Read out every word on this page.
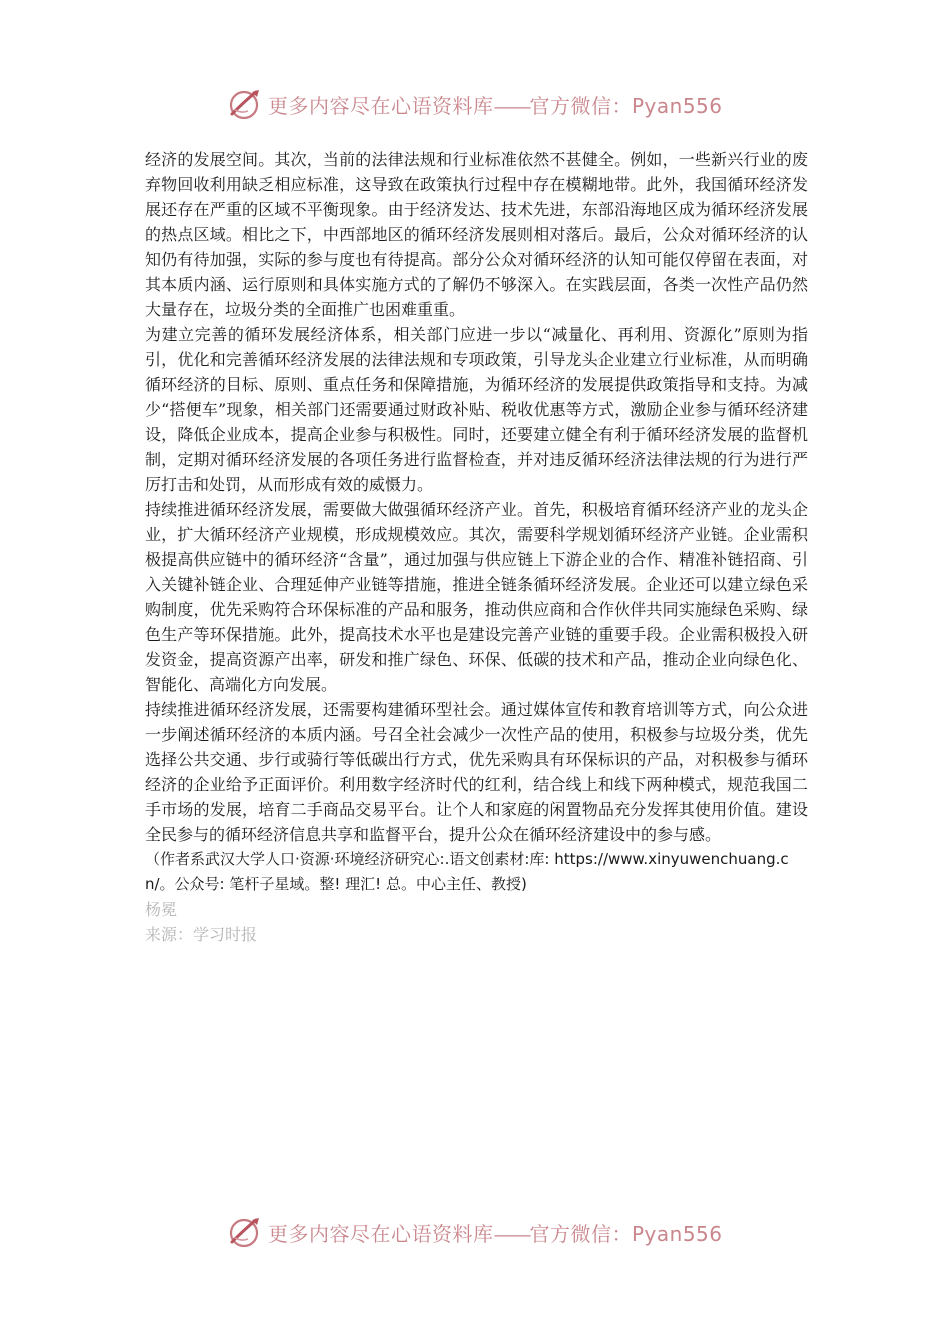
更多内容尽在心语资料库——官方微信：Pyan556

经济的发展空间。其次，当前的法律法规和行业标准依然不甚健全。例如，一些新兴行业的废弃物回收利用缺乏相应标准，这导致在政策执行过程中存在模糊地带。此外，我国循环经济发展还存在严重的区域不平衡现象。由于经济发达、技术先进，东部沿海地区成为循环经济发展的热点区域。相比之下，中西部地区的循环经济发展则相对落后。最后，公众对循环经济的认知仍有待加强，实际的参与度也有待提高。部分公众对循环经济的认知可能仅停留在表面，对其本质内涵、运行原则和具体实施方式的了解仍不够深入。在实践层面，各类一次性产品仍然大量存在，垃圾分类的全面推广也困难重重。

为建立完善的循环发展经济体系，相关部门应进一步以“减量化、再利用、资源化”原则为指引，优化和完善循环经济发展的法律法规和专项政策，引导龙头企业建立行业标准，从而明确循环经济的目标、原则、重点任务和保障措施，为循环经济的发展提供政策指导和支持。为减少“搭便车”现象，相关部门还需要通过财政补贴、税收优惠等方式，激励企业参与循环经济建设，降低企业成本，提高企业参与积极性。同时，还要建立健全有利于循环经济发展的监督机制，定期对循环经济发展的各项任务进行监督检查，并对违反循环经济法律法规的行为进行严厉打击和处罚，从而形成有效的威慑力。

持续推进循环经济发展，需要做大做强循环经济产业。首先，积极培育循环经济产业的龙头企业，扩大循环经济产业规模，形成规模效应。其次，需要科学规划循环经济产业链。企业需积极提高供应链中的循环经济“含量”，通过加强与供应链上下游企业的合作、精准补链招商、引入关键补链企业、合理延伸产业链等措施，推进全链条循环经济发展。企业还可以建立绿色采购制度，优先采购符合环保标准的产品和服务，推动供应商和合作伙伴共同实施绿色采购、绿色生产等环保措施。此外，提高技术水平也是建设完善产业链的重要手段。企业需积极投入研发资金，提高资源产出率，研发和推广绿色、环保、低碳的技术和产品，推动企业向绿色化、智能化、高端化方向发展。

持续推进循环经济发展，还需要构建循环型社会。通过媒体宣传和教育培训等方式，向公众进一步阐述循环经济的本质内涵。号召全社会减少一次性产品的使用，积极参与垃圾分类，优先选择公共交通、步行或骑行等低碳出行方式，优先采购具有环保标识的产品，对积极参与循环经济的企业给予正面评价。利用数字经济时代的红利，结合线上和线下两种模式，规范我国二手市场的发展，培育二手商品交易平台。让个人和家庭的闲置物品充分发挥其使用价值。建设全民参与的循环经济信息共享和监督平台，提升公众在循环经济建设中的参与感。

（作者系武汉大学人口·资源·环境经济研究心:.语文创素材:库: https://www.xinyuwenchuang.cn/。公众号: 笔杆子星域。整! 理汇! 总。中心主任、教授)

杨冕

来源：学习时报

更多内容尽在心语资料库——官方微信：Pyan556
